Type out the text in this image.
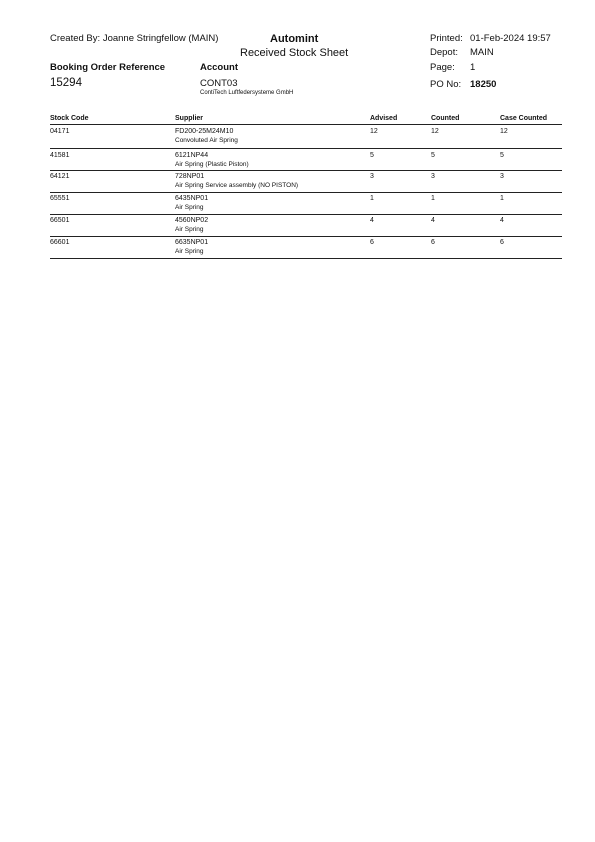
Created By: Joanne Stringfellow (MAIN)	Automint
Received Stock Sheet
Printed: 01-Feb-2024 19:57
Depot: MAIN
Page: 1
PO No: 18250
Booking Order Reference
15294
Account
CONT03
ContiTech Luftfedersysteme GmbH
Stock Code	Supplier	Advised	Counted	Case Counted
04171	FD200-25M24M10
Convoluted Air Spring
12	12	12
41581	6121NP44
Air Spring (Plastic Piston)
5	5	5
64121	728NP01
Air Spring Service assembly (NO PISTON)
3	3	3
65551	6435NP01
Air Spring
1	1	1
66501	4560NP02
Air Spring
4	4	4
66601	6635NP01
Air Spring
6	6	6
